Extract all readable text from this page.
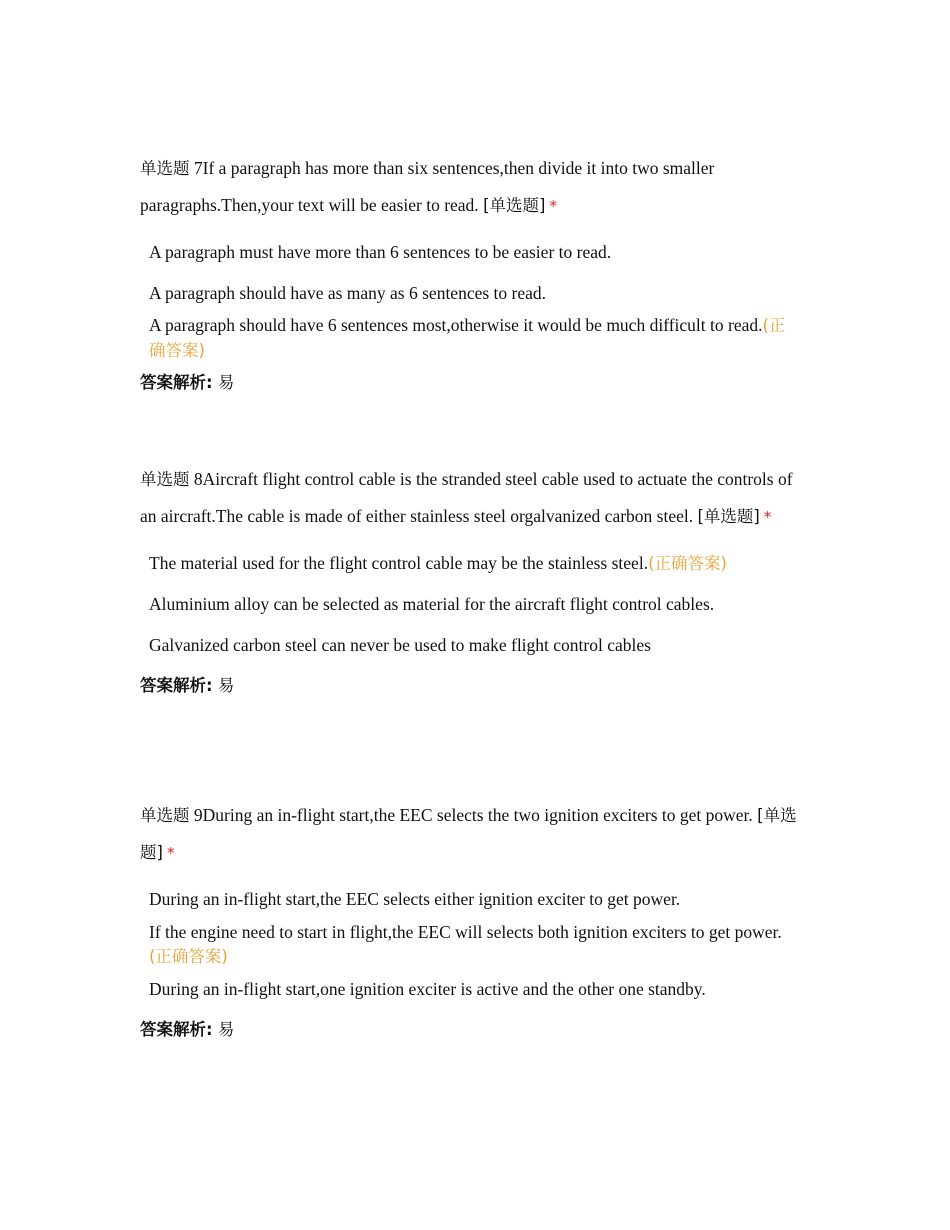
单选题 7If a paragraph has more than six sentences,then divide it into two smaller paragraphs.Then,your text will be easier to read. [单选题] *

A paragraph must have more than 6 sentences to be easier to read.
A paragraph should have as many as 6 sentences to read.
A paragraph should have 6 sentences most,otherwise it would be much difficult to read.(正确答案)

答案解析: 易

单选题 8Aircraft flight control cable is the stranded steel cable used to actuate the controls of an aircraft.The cable is made of either stainless steel orgalvanized carbon steel. [单选题] *

The material used for the flight control cable may be the stainless steel.(正确答案)
Aluminium alloy can be selected as material for the aircraft flight control cables.
Galvanized carbon steel can never be used to make flight control cables

答案解析: 易

单选题 9During an in-flight start,the EEC selects the two ignition exciters to get power. [单选题] *

During an in-flight start,the EEC selects either ignition exciter to get power.
If the engine need to start in flight,the EEC will selects both ignition exciters to get power.(正确答案)
During an in-flight start,one ignition exciter is active and the other one standby.

答案解析: 易
